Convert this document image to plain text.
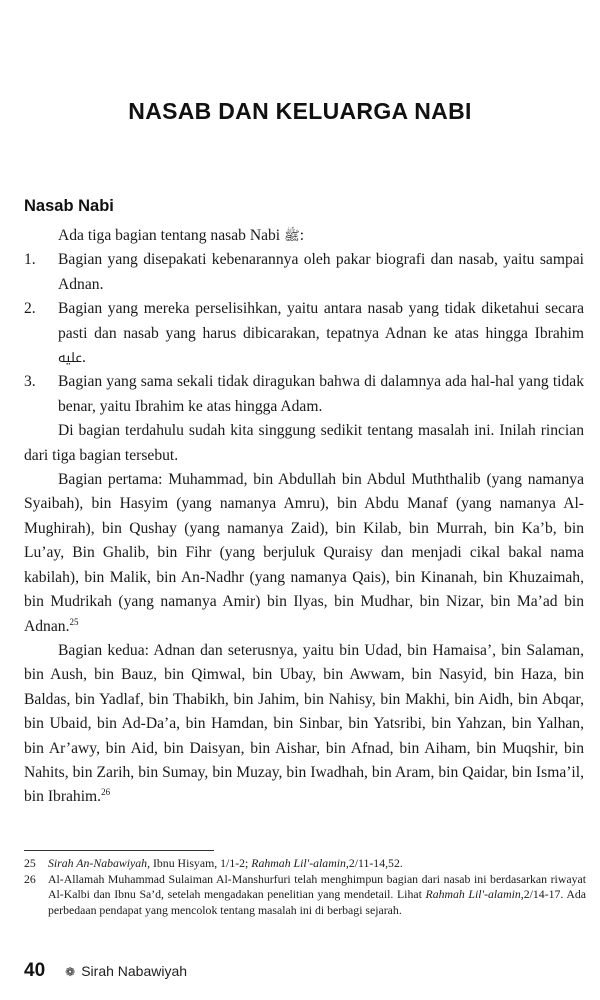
NASAB DAN KELUARGA NABI
Nasab Nabi

Ada tiga bagian tentang nasab Nabi ﷺ:

1. Bagian yang disepakati kebenarannya oleh pakar biografi dan nasab, yaitu sampai Adnan.
2. Bagian yang mereka perselisihkan, yaitu antara nasab yang tidak diketahui secara pasti dan nasab yang harus dibicarakan, tepatnya Adnan ke atas hingga Ibrahim ﷷ.
3. Bagian yang sama sekali tidak diragukan bahwa di dalamnya ada hal-hal yang tidak benar, yaitu Ibrahim ke atas hingga Adam.

Di bagian terdahulu sudah kita singgung sedikit tentang masalah ini. Inilah rincian dari tiga bagian tersebut.

Bagian pertama: Muhammad, bin Abdullah bin Abdul Muththalib (yang namanya Syaibah), bin Hasyim (yang namanya Amru), bin Abdu Manaf (yang namanya Al-Mughirah), bin Qushay (yang namanya Zaid), bin Kilab, bin Murrah, bin Ka’b, bin Lu’ay, Bin Ghalib, bin Fihr (yang berjuluk Quraisy dan menjadi cikal bakal nama kabilah), bin Malik, bin An-Nadhr (yang namanya Qais), bin Kinanah, bin Khuzaimah, bin Mudrikah (yang namanya Amir) bin Ilyas, bin Mudhar, bin Nizar, bin Ma’ad bin Adnan.$^{25}$

Bagian kedua: Adnan dan seterusnya, yaitu bin Udad, bin Hamaisa’, bin Salaman, bin Aush, bin Bauz, bin Qimwal, bin Ubay, bin Awwam, bin Nasyid, bin Haza, bin Baldas, bin Yadlaf, bin Thabikh, bin Jahim, bin Nahisy, bin Makhi, bin Aidh, bin Abqar, bin Ubaid, bin Ad-Da’a, bin Hamdan, bin Sinbar, bin Yatsribi, bin Yahzan, bin Yalhan, bin Ar’awy, bin Aid, bin Daisyan, bin Aishar, bin Afnad, bin Aiham, bin Muqshir, bin Nahits, bin Zarih, bin Sumay, bin Muzay, bin Iwadhah, bin Aram, bin Qaidar, bin Isma’il, bin Ibrahim.$^{26}$

25 Sirah An-Nabawiyah, Ibnu Hisyam, 1/1-2; Rahmah Lil'-alamin,2/11-14,52.
26 Al-Allamah Muhammad Sulaiman Al-Manshurfuri telah menghimpun bagian dari nasab ini berdasarkan riwayat Al-Kalbi dan Ibnu Sa’d, setelah mengadakan penelitian yang mendetail. Lihat Rahmah Lil'-alamin,2/14-17. Ada perbedaan pendapat yang mencolok tentang masalah ini di berbagi sejarah.
40 ❁ Sirah Nabawiyah
